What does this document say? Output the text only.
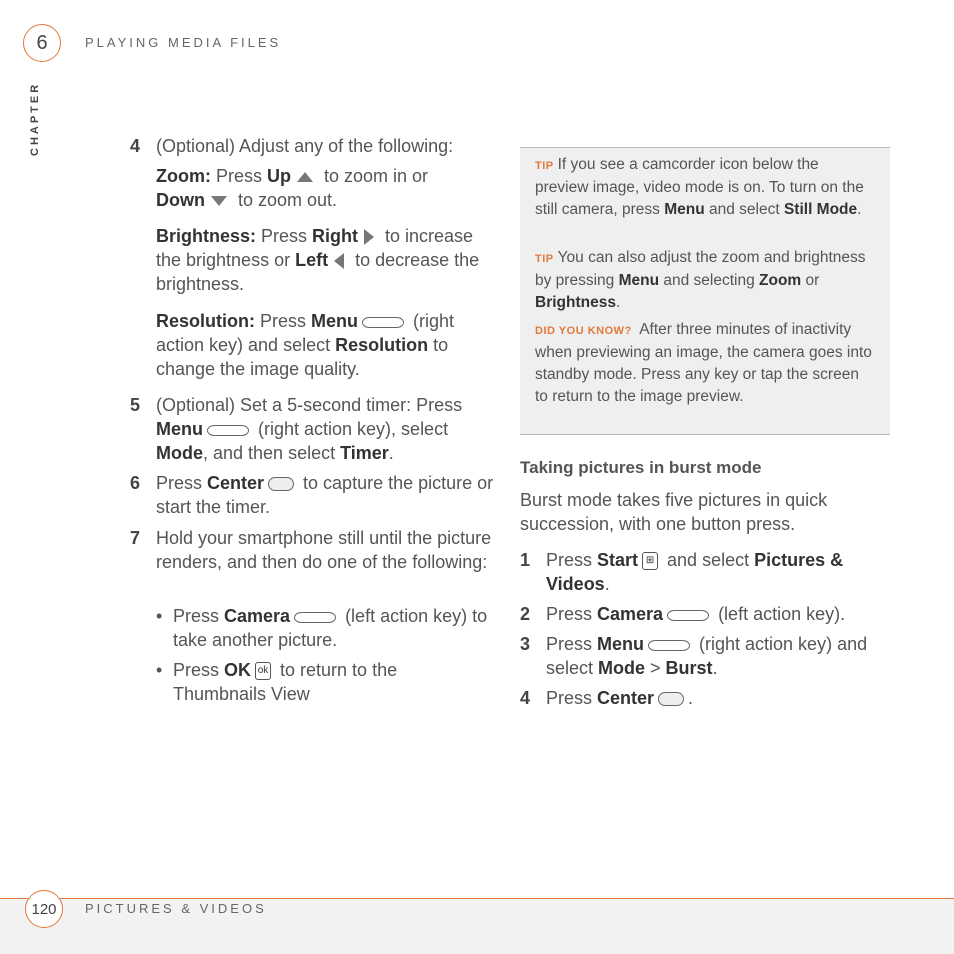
6	PLAYING MEDIA FILES
CHAPTER	4 (Optional) Adjust any of the following:
Zoom: Press Up to zoom in or
Down to zoom out.
Brightness: Press Right to increase the brightness or Left to decrease the brightness.
Resolution: Press Menu	(right action key) and select Resolution to change the image quality.
5 (Optional) Set a 5-second timer: Press Menu	(right action key), select Mode, and then select Timer.
6 Press Center to capture the picture or start the timer.
7 Hold your smartphone still until the picture renders, and then do one of the following:
• Press Camera	(left action key) to take another picture.
• Press OK ok to return to the Thumbnails View
TIP If you see a camcorder icon below the preview image, video mode is on. To turn on the still camera, press Menu and select Still Mode.
TIP You can also adjust the zoom and brightness by pressing Menu and selecting Zoom or Brightness.
DID YOU KNOW? After three minutes of inactivity when previewing an image, the camera goes into standby mode. Press any key or tap the screen to return to the image preview.
Taking pictures in burst mode
Burst mode takes five pictures in quick succession, with one button press.
1 Press Start ⊞ and select Pictures & Videos.
2 Press Camera	(left action key).
3 Press Menu	(right action key) and select Mode > Burst.
4 Press Center .
120 PICTURES & VIDEOS
